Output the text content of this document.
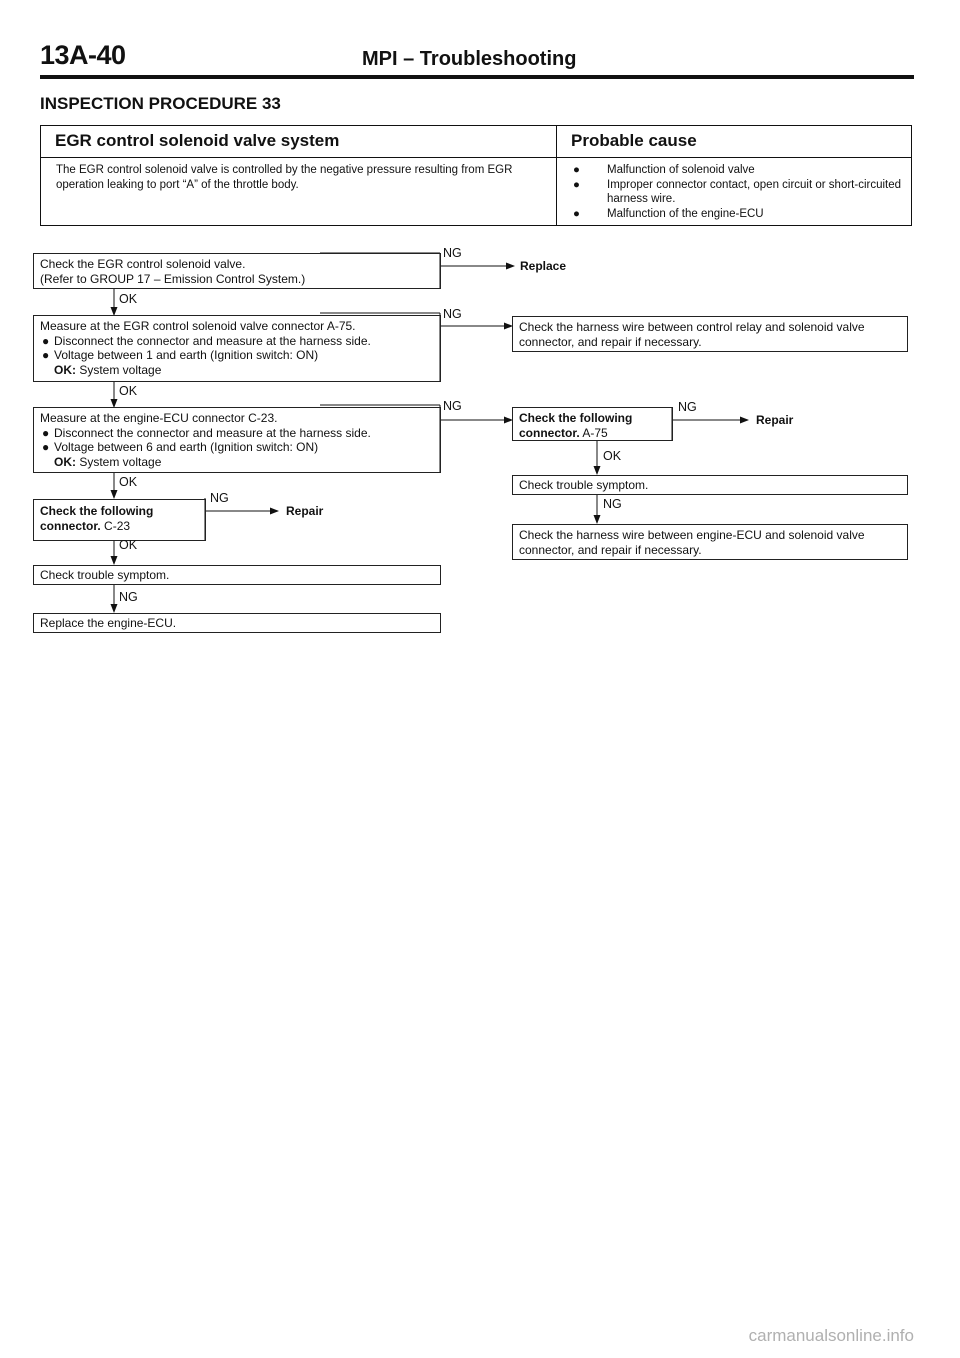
13A-40	MPI – Troubleshooting
INSPECTION PROCEDURE 33
EGR control solenoid valve system	Probable cause
The EGR control solenoid valve is controlled by the negative pressure resulting from EGR operation leaking to port “A” of the throttle body.
● Malfunction of solenoid valve
● Improper connector contact, open circuit or short-circuited harness wire.
● Malfunction of the engine-ECU
Check the EGR control solenoid valve.
(Refer to GROUP 17 – Emission Control System.)
NG
Replace
OK
Measure at the EGR control solenoid valve connector A-75.
● Disconnect the connector and measure at the harness side.
● Voltage between 1 and earth (Ignition switch: ON)
OK: System voltage
NG
Check the harness wire between control relay and solenoid valve connector, and repair if necessary.
OK
Measure at the engine-ECU connector C-23.
● Disconnect the connector and measure at the harness side.
● Voltage between 6 and earth (Ignition switch: ON)
OK: System voltage
NG
Check the following
connector. A-75
NG
Repair
OK
Check trouble symptom.
NG
Check the harness wire between engine-ECU and solenoid valve connector, and repair if necessary.
OK
Check the following
connector. C-23
NG
Repair
OK
Check trouble symptom.
NG
Replace the engine-ECU.
carmanualsonline.info
